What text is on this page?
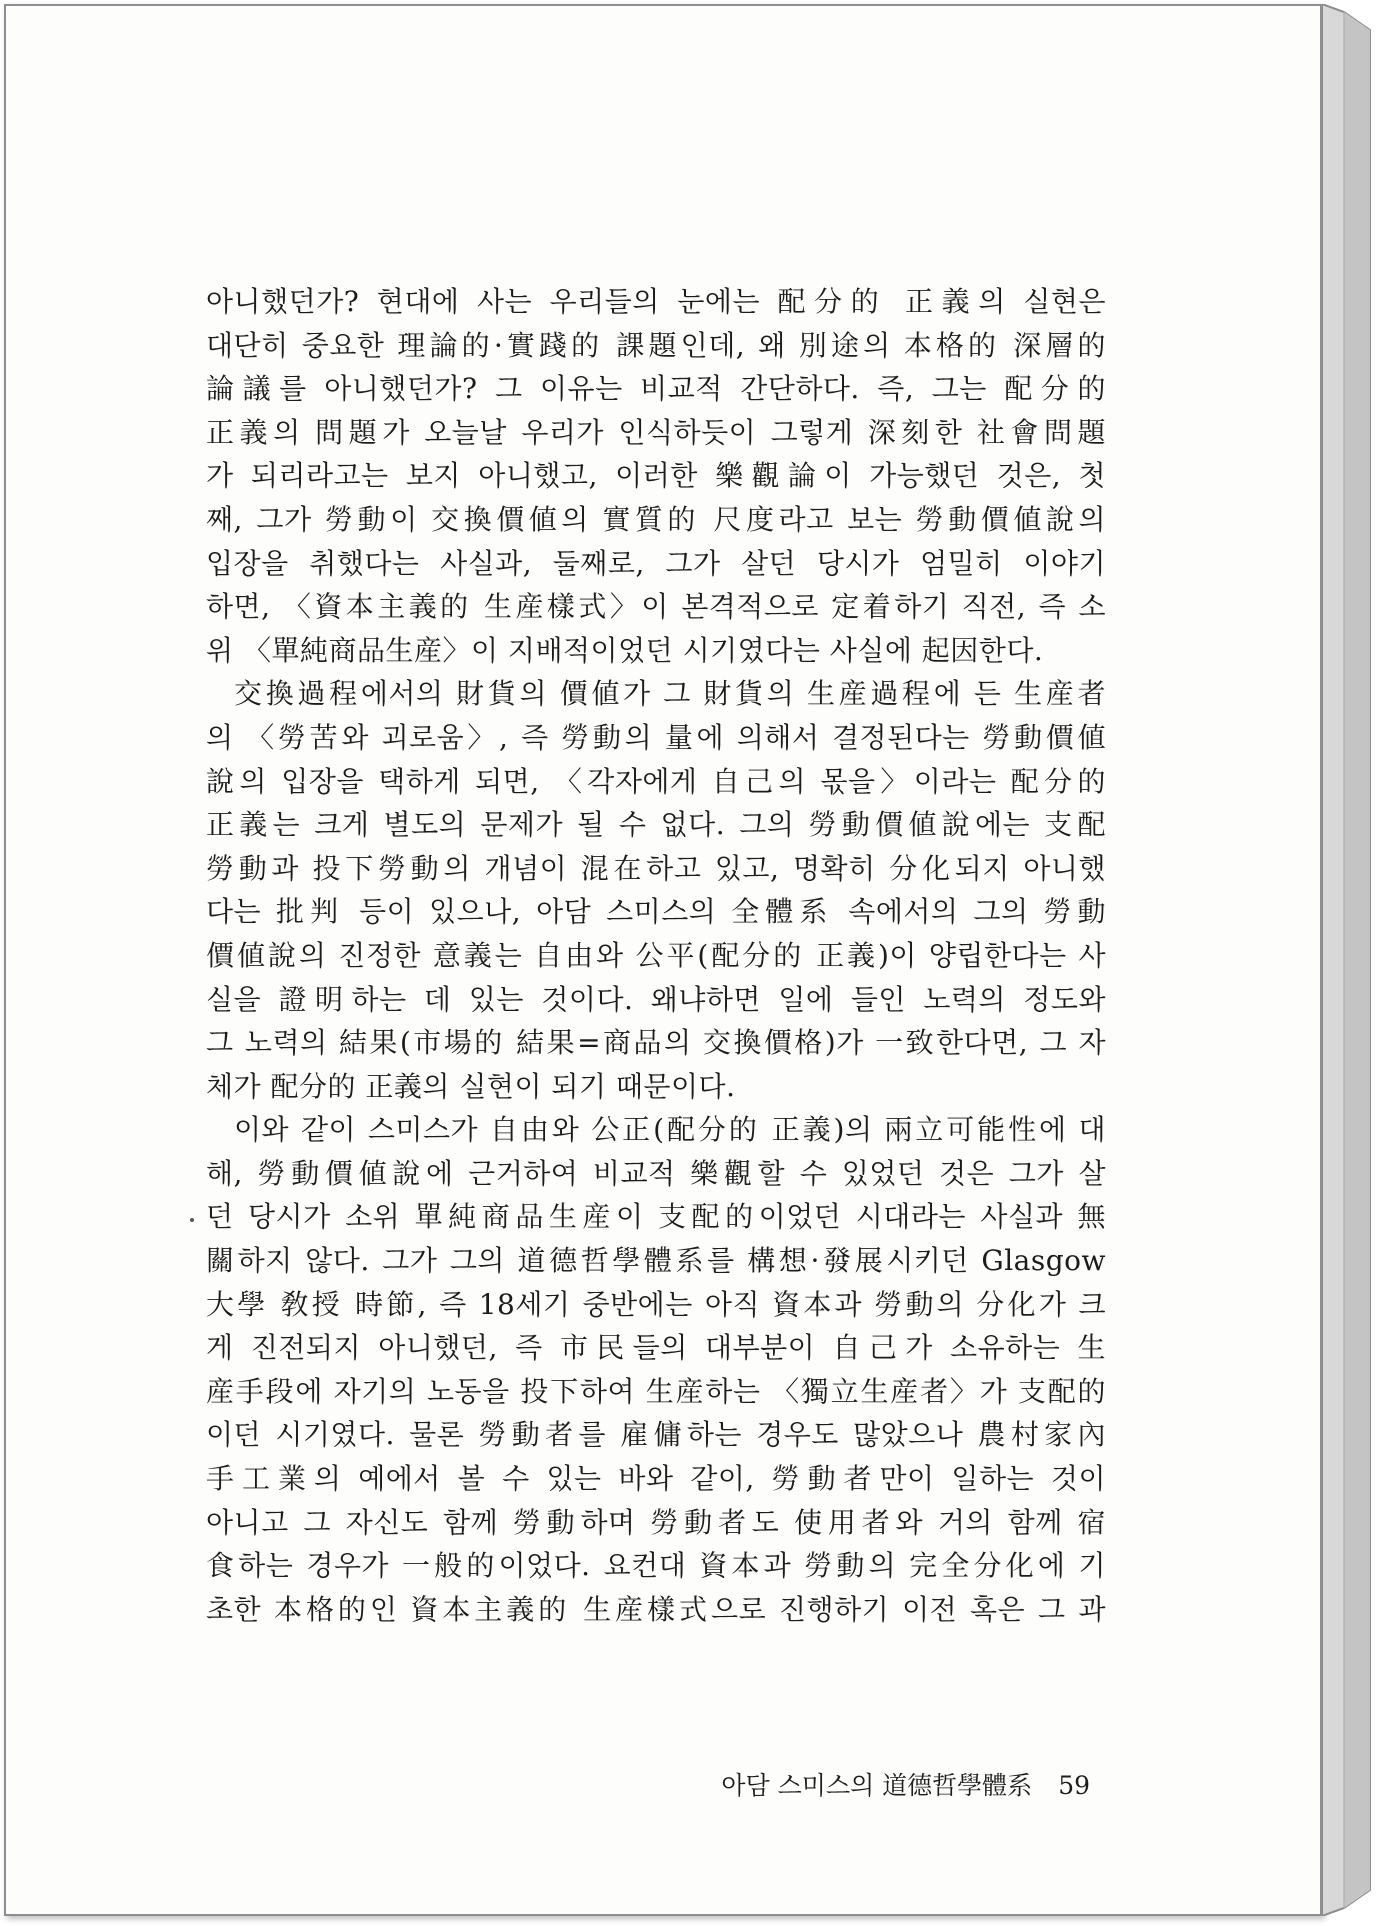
아니했던가? 현대에 사는 우리들의 눈에는 配分的 正義의 실현은
대단히 중요한 理論的·實踐的 課題인데, 왜 別途의 本格的 深層的
論議를 아니했던가? 그 이유는 비교적 간단하다. 즉, 그는 配分的
正義의 問題가 오늘날 우리가 인식하듯이 그렇게 深刻한 社會問題
가 되리라고는 보지 아니했고, 이러한 樂觀論이 가능했던 것은, 첫
째, 그가 勞動이 交換價値의 實質的 尺度라고 보는 勞動價値說의
입장을 취했다는 사실과, 둘째로, 그가 살던 당시가 엄밀히 이야기
하면, 〈資本主義的 生産樣式〉이 본격적으로 定着하기 직전, 즉 소
위 〈單純商品生産〉이 지배적이었던 시기였다는 사실에 起因한다.
交換過程에서의 財貨의 價値가 그 財貨의 生産過程에 든 生産者
의 〈勞苦와 괴로움〉, 즉 勞動의 量에 의해서 결정된다는 勞動價値
說의 입장을 택하게 되면, 〈각자에게 自己의 몫을〉이라는 配分的
正義는 크게 별도의 문제가 될 수 없다. 그의 勞動價値說에는 支配
勞動과 投下勞動의 개념이 混在하고 있고, 명확히 分化되지 아니했
다는 批判 등이 있으나, 아담 스미스의 全體系 속에서의 그의 勞動
價値說의 진정한 意義는 自由와 公平(配分的 正義)이 양립한다는 사
실을 證明하는 데 있는 것이다. 왜냐하면 일에 들인 노력의 정도와
그 노력의 結果(市場的 結果=商品의 交換價格)가 一致한다면, 그 자
체가 配分的 正義의 실현이 되기 때문이다.
이와 같이 스미스가 自由와 公正(配分的 正義)의 兩立可能性에 대
해, 勞動價値說에 근거하여 비교적 樂觀할 수 있었던 것은 그가 살
던 당시가 소위 單純商品生産이 支配的이었던 시대라는 사실과 無
關하지 않다. 그가 그의 道德哲學體系를 構想·發展시키던 Glasgow
大學 敎授 時節, 즉 18세기 중반에는 아직 資本과 勞動의 分化가 크
게 진전되지 아니했던, 즉 市民들의 대부분이 自己가 소유하는 生
産手段에 자기의 노동을 投下하여 生産하는 〈獨立生産者〉가 支配的
이던 시기였다. 물론 勞動者를 雇傭하는 경우도 많았으나 農村家內
手工業의 예에서 볼 수 있는 바와 같이, 勞動者만이 일하는 것이
아니고 그 자신도 함께 勞動하며 勞動者도 使用者와 거의 함께 宿
食하는 경우가 一般的이었다. 요컨대 資本과 勞動의 完全分化에 기
초한 本格的인 資本主義的 生産樣式으로 진행하기 이전 혹은 그 과
아담 스미스의 道德哲學體系 59
